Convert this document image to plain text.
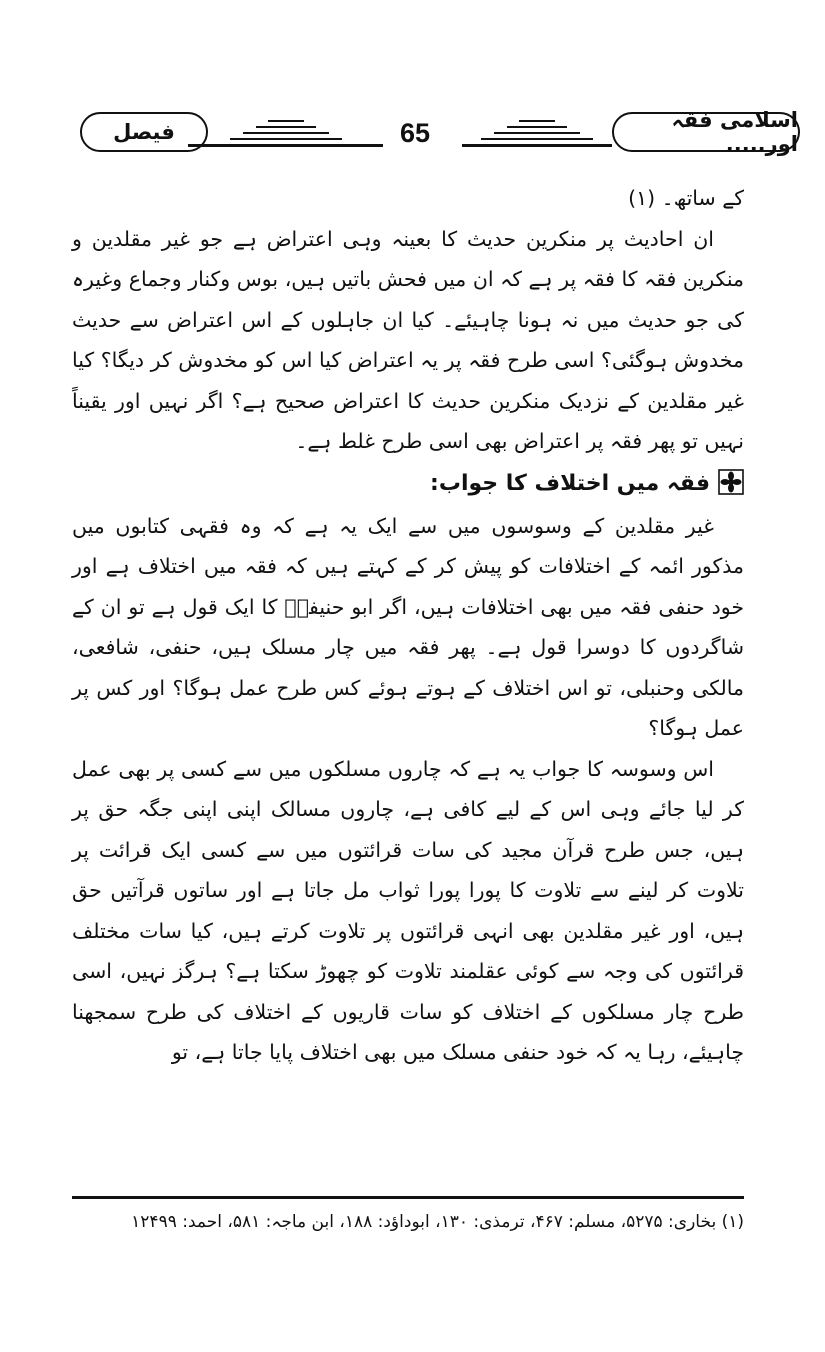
اسلامی فقہ اور.....
65
فیصل

کے ساتھ۔ (۱)

ان احادیث پر منکرین حدیث کا بعینہ وہی اعتراض ہے جو غیر مقلدین و منکرین فقہ کا فقہ پر ہے کہ ان میں فحش باتیں ہیں، بوس وکنار وجماع وغیرہ کی جو حدیث میں نہ ہونا چاہیئے۔ کیا ان جاہلوں کے اس اعتراض سے حدیث مخدوش ہوگئی؟ اسی طرح فقہ پر یہ اعتراض کیا اس کو مخدوش کر دیگا؟ کیا غیر مقلدین کے نزدیک منکرین حدیث کا اعتراض صحیح ہے؟ اگر نہیں اور یقیناً نہیں تو پھر فقہ پر اعتراض بھی اسی طرح غلط ہے۔

فقہ میں اختلاف کا جواب:

غیر مقلدین کے وسوسوں میں سے ایک یہ ہے کہ وہ فقہی کتابوں میں مذکور ائمہ کے اختلافات کو پیش کر کے کہتے ہیں کہ فقہ میں اختلاف ہے اور خود حنفی فقہ میں بھی اختلافات ہیں، اگر ابو حنیفہؒ کا ایک قول ہے تو ان کے شاگردوں کا دوسرا قول ہے۔ پھر فقہ میں چار مسلک ہیں، حنفی، شافعی، مالکی وحنبلی، تو اس اختلاف کے ہوتے ہوئے کس طرح عمل ہوگا؟ اور کس پر عمل ہوگا؟

اس وسوسہ کا جواب یہ ہے کہ چاروں مسلکوں میں سے کسی پر بھی عمل کر لیا جائے وہی اس کے لیے کافی ہے، چاروں مسالک اپنی اپنی جگہ حق پر ہیں، جس طرح قرآن مجید کی سات قرائتوں میں سے کسی ایک قرائت پر تلاوت کر لینے سے تلاوت کا پورا پورا ثواب مل جاتا ہے اور ساتوں قرآتیں حق ہیں، اور غیر مقلدین بھی انہی قرائتوں پر تلاوت کرتے ہیں، کیا سات مختلف قرائتوں کی وجہ سے کوئی عقلمند تلاوت کو چھوڑ سکتا ہے؟ ہرگز نہیں، اسی طرح چار مسلکوں کے اختلاف کو سات قاریوں کے اختلاف کی طرح سمجھنا چاہیئے، رہا یہ کہ خود حنفی مسلک میں بھی اختلاف پایا جاتا ہے، تو

(۱) بخاری: ۵۲۷۵، مسلم: ۴۶۷، ترمذی: ۱۳۰، ابوداؤد: ۱۸۸، ابن ماجہ: ۵۸۱، احمد: ۱۲۴۹۹
